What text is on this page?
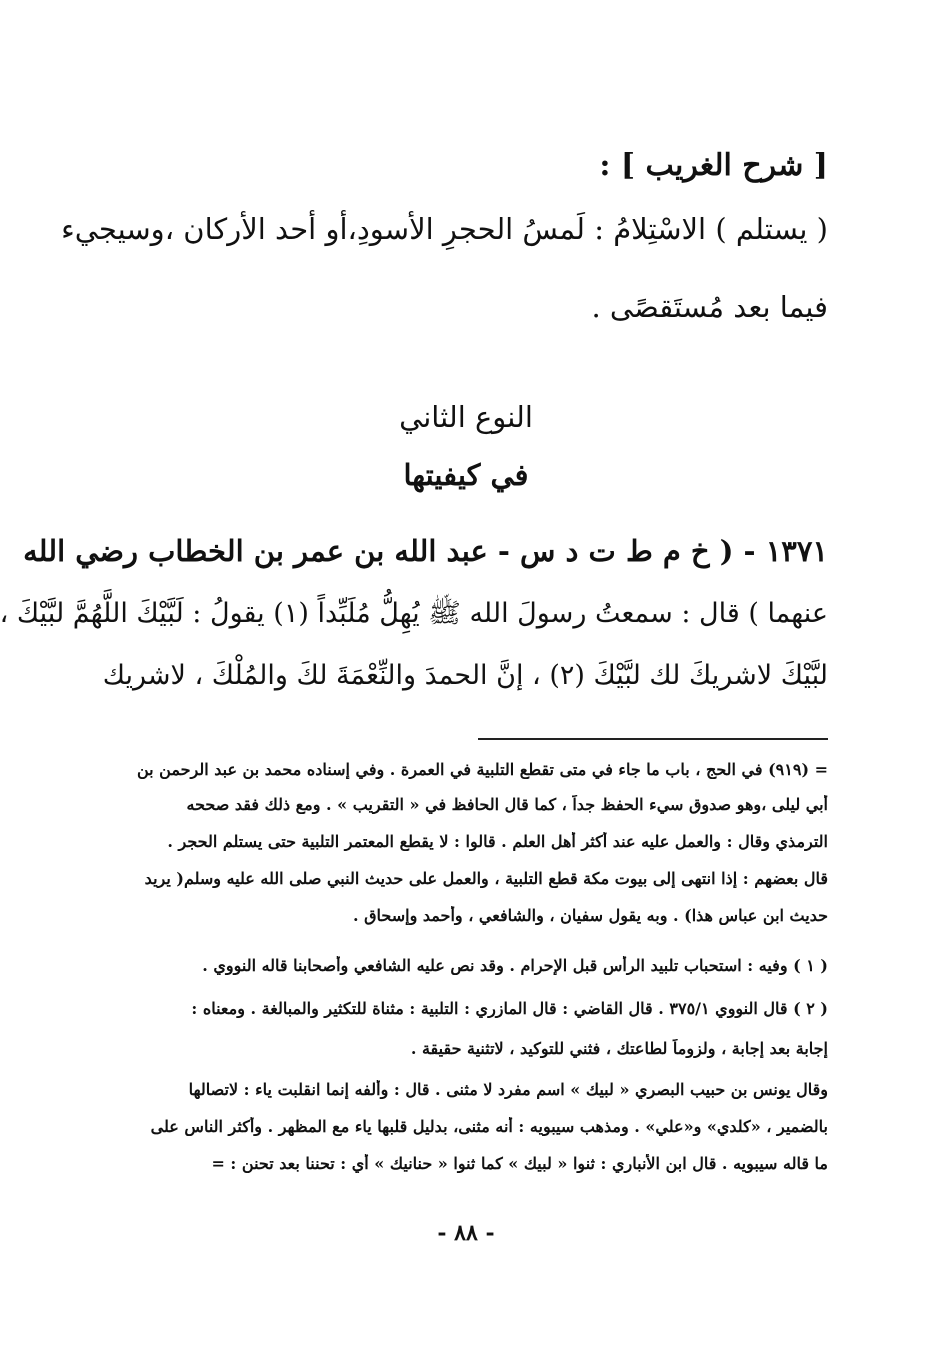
[ شرح الغريب ] :
( يستلم ) الاسْتِلامُ : لَمسُ الحجرِ الأسودِ،أو أحد الأركان ،وسيجيء
فيما بعد مُستَقصًى .
النوع الثاني
في كيفيتها
١٣٧١ - ( خ م ط ت د س - عبد الله بن عمر بن الخطاب رضي الله
عنهما ) قال : سمعتُ رسولَ الله ﷺ يُهِلُّ مُلَبِّداً (١) يقولُ : لَبَّيْكَ اللَّهُمَّ لبَّيْكَ ،
لبَّيْكَ لاشريكَ لك لبَّيْكَ (٢) ، إنَّ الحمدَ والنِّعْمَةَ لكَ والمُلْكَ ، لاشريك
= (٩١٩) في الحج ، باب ما جاء في متى تقطع التلبية في العمرة . وفي إسناده محمد بن عبد الرحمن بن
أبي ليلى ،وهو صدوق سيء الحفظ جداً ، كما قال الحافظ في « التقريب » . ومع ذلك فقد صححه
الترمذي وقال : والعمل عليه عند أكثر أهل العلم . قالوا : لا يقطع المعتمر التلبية حتى يستلم الحجر .
قال بعضهم : إذا انتهى إلى بيوت مكة قطع التلبية ، والعمل على حديث النبي صلى الله عليه وسلم( يريد
حديث ابن عباس هذا) . وبه يقول سفيان ، والشافعي ، وأحمد وإسحاق .
( ١ ) وفيه : استحباب تلبيد الرأس قبل الإحرام . وقد نص عليه الشافعي وأصحابنا قاله النووي .
( ٢ ) قال النووي ٣٧٥/١ . قال القاضي : قال المازري : التلبية : مثناة للتكثير والمبالغة . ومعناه :
إجابة بعد إجابة ، ولزوماً لطاعتك ، فثني للتوكيد ، لاتثنية حقيقة .
وقال يونس بن حبيب البصري « لبيك » اسم مفرد لا مثنى . قال : وألفه إنما انقلبت ياء : لاتصالها
بالضمير ، «كلدي» و«علي» . ومذهب سيبويه : أنه مثنى، بدليل قلبها ياء مع المظهر . وأكثر الناس على
ما قاله سيبويه . قال ابن الأنباري : ثنوا « لبيك » كما ثنوا « حنانيك » أي : تحننا بعد تحنن : =
- ٨٨ -
